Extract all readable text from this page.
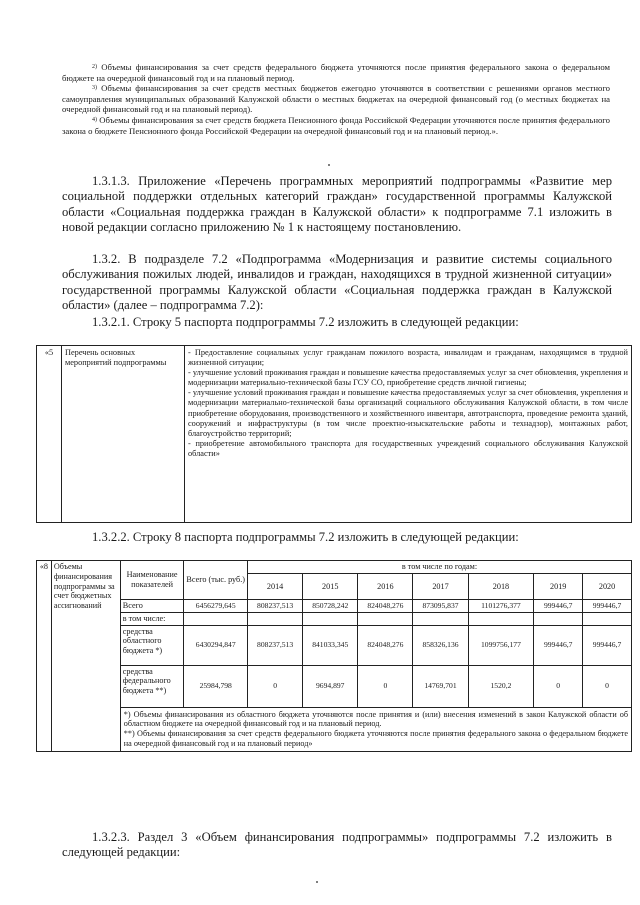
$^{2)}$ Объемы финансирования за счет средств федерального бюджета уточняются после принятия федерального закона о федеральном бюджете на очередной финансовый год и на плановый период.

$^{3)}$ Объемы финансирования за счет средств местных бюджетов ежегодно уточняются в соответствии с решениями органов местного самоуправления муниципальных образований Калужской области о местных бюджетах на очередной финансовый год (о местных бюджетах на очередной финансовый год и на плановый период).

$^{4)}$ Объемы финансирования за счет средств бюджета Пенсионного фонда Российской Федерации уточняются после принятия федерального закона о бюджете Пенсионного фонда Российской Федерации на очередной финансовый год и на плановый период.».

1.3.1.3. Приложение «Перечень программных мероприятий подпрограммы «Развитие мер социальной поддержки отдельных категорий граждан» государственной программы Калужской области «Социальная поддержка граждан в Калужской области» к подпрограмме 7.1 изложить в новой редакции согласно приложению № 1 к настоящему постановлению.

1.3.2. В подразделе 7.2 «Подпрограмма «Модернизация и развитие системы социального обслуживания пожилых людей, инвалидов и граждан, находящихся в трудной жизненной ситуации» государственной программы Калужской области «Социальная поддержка граждан в Калужской области» (далее – подпрограмма 7.2):

1.3.2.1. Строку 5 паспорта подпрограммы 7.2 изложить в следующей редакции:
«5	Перечень основных мероприятий подпрограммы	

- Предоставление социальных услуг гражданам пожилого возраста, инвалидам и гражданам, находящимся в трудной жизненной ситуации;

- улучшение условий проживания граждан и повышение качества предоставляемых услуг за счет обновления, укрепления и модернизации материально-технической базы ГСУ СО, приобретение средств личной гигиены;

- улучшение условий проживания граждан и повышение качества предоставляемых услуг за счет обновления, укрепления и модернизации материально-технической базы организаций социального обслуживания Калужской области, в том числе приобретение оборудования, производственного и хозяйственного инвентаря, автотранспорта, проведение ремонта зданий, сооружений и инфраструктуры (в том числе проектно-изыскательские работы и технадзор), монтажных работ, благоустройство территорий;

- приобретение автомобильного транспорта для государственных учреждений социального обслуживания Калужской области»

1.3.2.2. Строку 8 паспорта подпрограммы 7.2 изложить в следующей редакции:
«8	Объемы финансирования подпрограммы за счет бюджетных ассигнований	Наименование показателей	Всего (тыс. руб.)	в том числе по годам:						
				2014	2015	2016	2017	2018	2019	2020
		Всего	6456279,645	808237,513	850728,242	824048,276	873095,837	1101276,377	999446,7	999446,7
		в том числе:								
		средства областного бюджета *)	6430294,847	808237,513	841033,345	824048,276	858326,136	1099756,177	999446,7	999446,7
		средства федерального бюджета **)	25984,798	0	9694,897	0	14769,701	1520,2	0	0

		*) Объемы финансирования из областного бюджета уточняются после принятия и (или) внесения изменений в закон Калужской области об областном бюджете на очередной финансовый год и на плановый период.

**) Объемы финансирования за счет средств федерального бюджета уточняются после принятия федерального закона о федеральном бюджете на очередной финансовый год и на плановый период»								

1.3.2.3. Раздел 3 «Объем финансирования подпрограммы» подпрограммы 7.2 изложить в следующей редакции:
